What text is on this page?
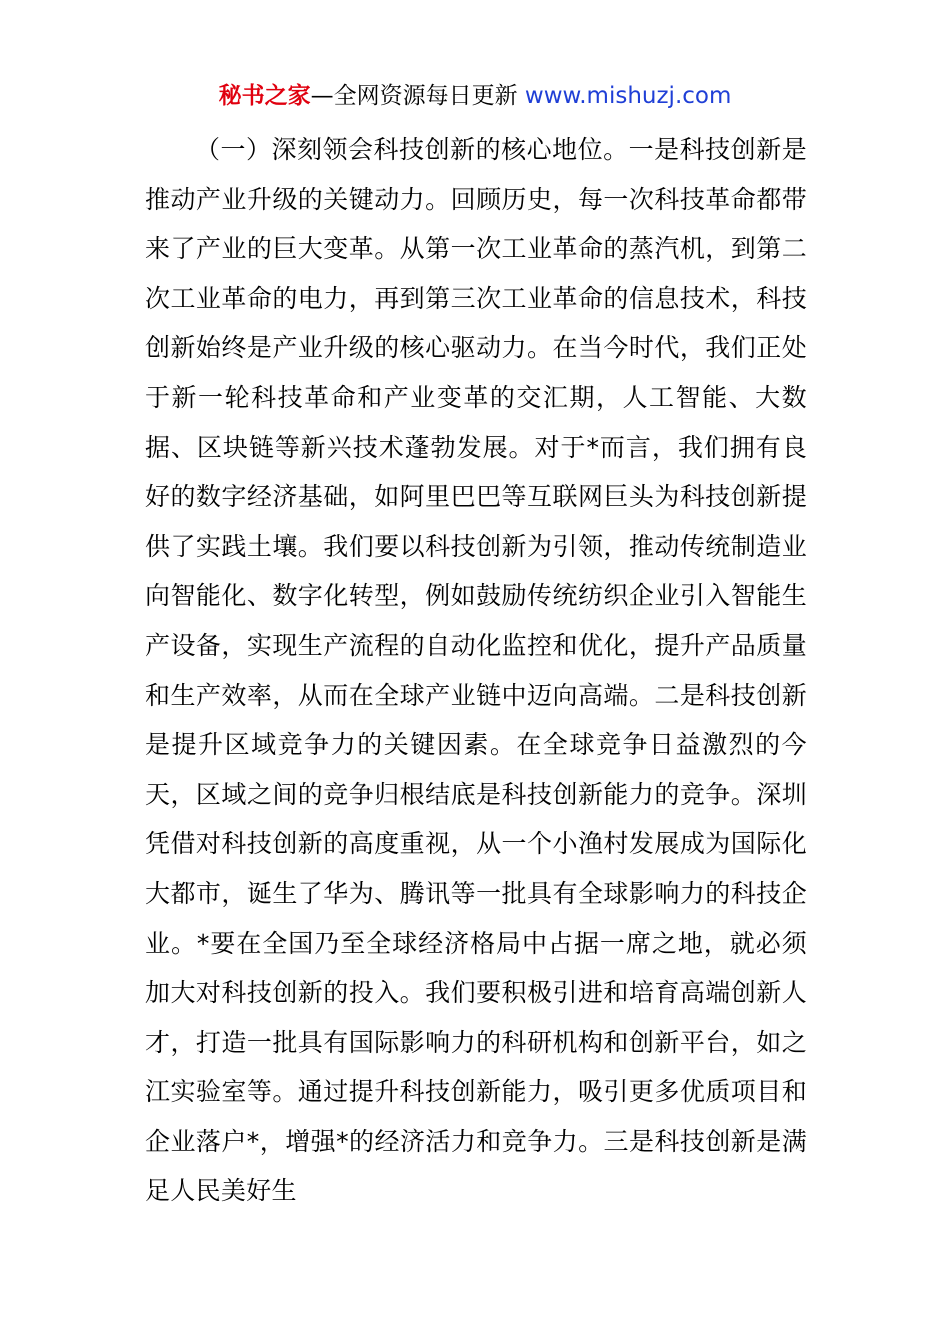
秘书之家—全网资源每日更新 www.mishuzj.com

（一）深刻领会科技创新的核心地位。一是科技创新是推动产业升级的关键动力。回顾历史，每一次科技革命都带来了产业的巨大变革。从第一次工业革命的蒸汽机，到第二次工业革命的电力，再到第三次工业革命的信息技术，科技创新始终是产业升级的核心驱动力。在当今时代，我们正处于新一轮科技革命和产业变革的交汇期，人工智能、大数据、区块链等新兴技术蓬勃发展。对于*而言，我们拥有良好的数字经济基础，如阿里巴巴等互联网巨头为科技创新提供了实践土壤。我们要以科技创新为引领，推动传统制造业向智能化、数字化转型，例如鼓励传统纺织企业引入智能生产设备，实现生产流程的自动化监控和优化，提升产品质量和生产效率，从而在全球产业链中迈向高端。二是科技创新是提升区域竞争力的关键因素。在全球竞争日益激烈的今天，区域之间的竞争归根结底是科技创新能力的竞争。深圳凭借对科技创新的高度重视，从一个小渔村发展成为国际化大都市，诞生了华为、腾讯等一批具有全球影响力的科技企业。*要在全国乃至全球经济格局中占据一席之地，就必须加大对科技创新的投入。我们要积极引进和培育高端创新人才，打造一批具有国际影响力的科研机构和创新平台，如之江实验室等。通过提升科技创新能力，吸引更多优质项目和企业落户*，增强*的经济活力和竞争力。三是科技创新是满足人民美好生
